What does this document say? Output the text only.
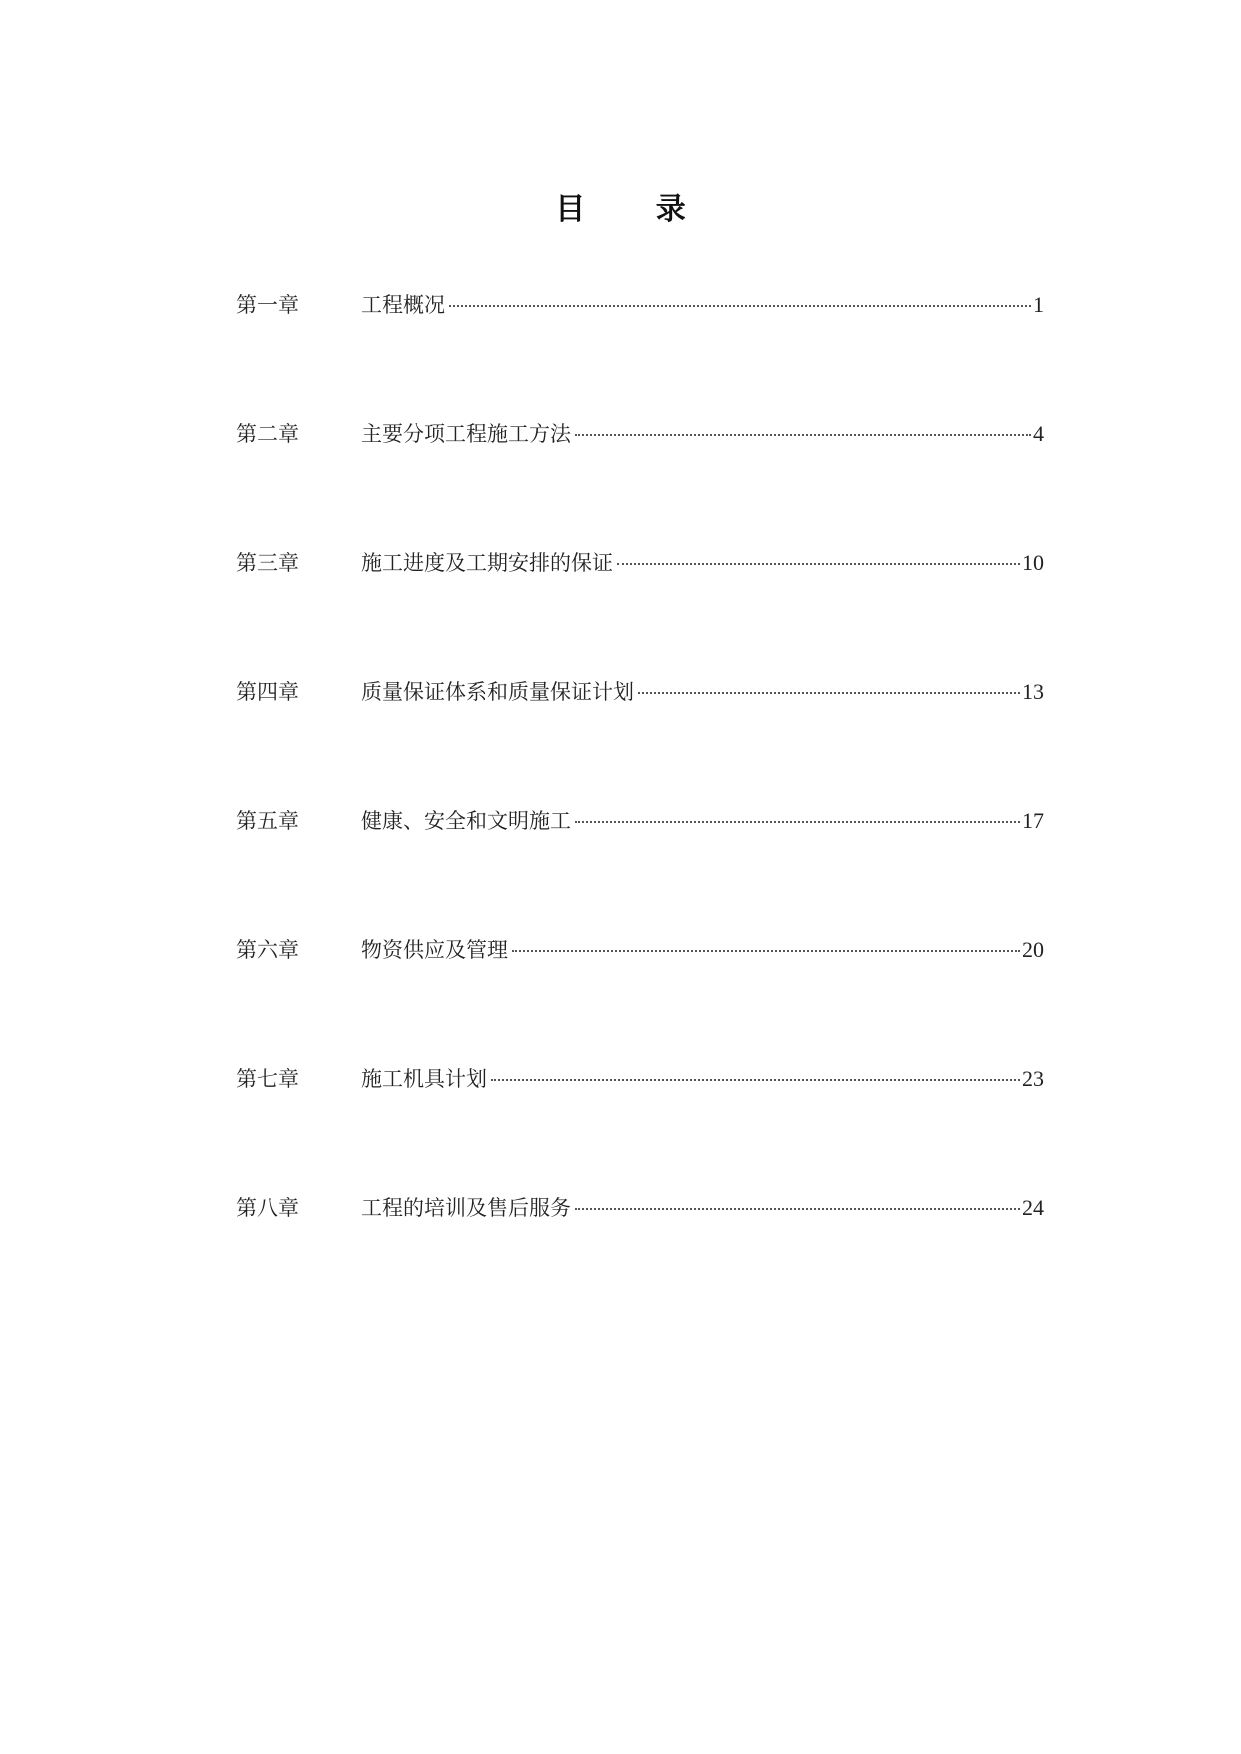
目 录
第一章	工程概况	1
第二章	主要分项工程施工方法	4
第三章	施工进度及工期安排的保证	10
第四章	质量保证体系和质量保证计划	13
第五章	健康、安全和文明施工	17
第六章	物资供应及管理	20
第七章	施工机具计划	23
第八章	工程的培训及售后服务	24
